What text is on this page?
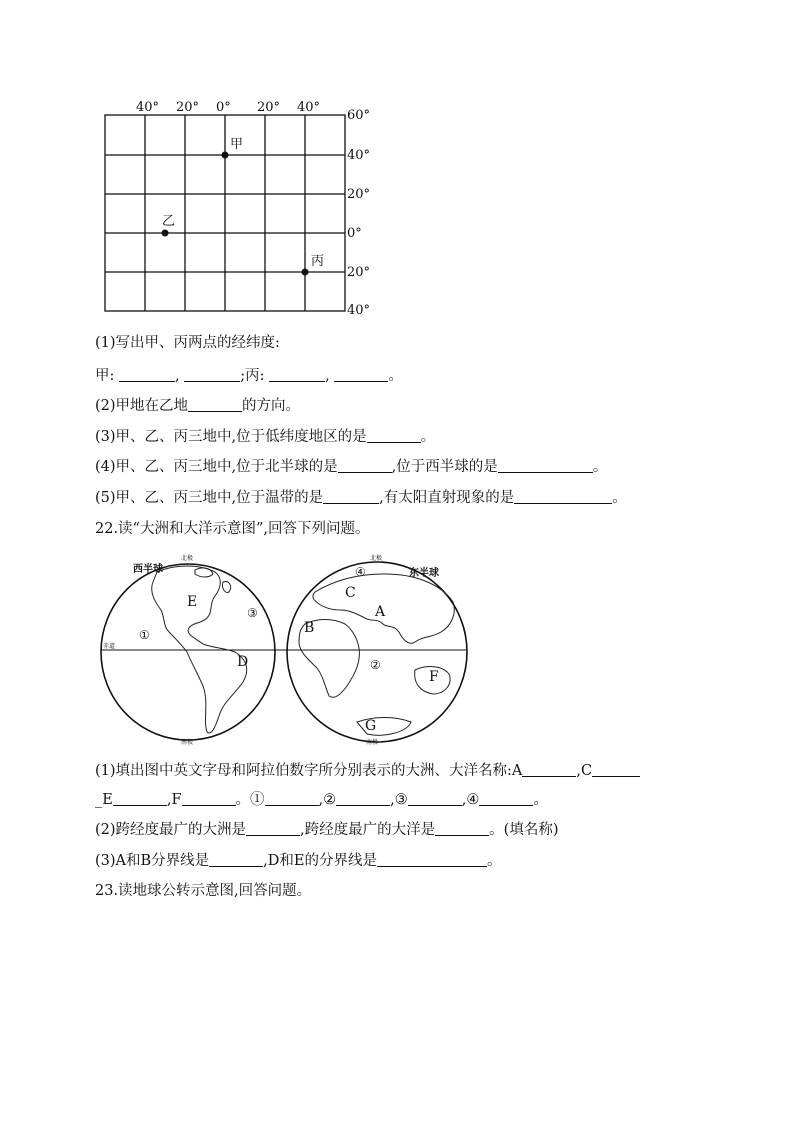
40° 20° 0° 20° 40°
60°
40°
20°
0°
20°
40°
甲
乙
丙
(1)写出甲、丙两点的经纬度:
甲:	,	;丙:	,	。
(2)甲地在乙地	的方向。
(3)甲、乙、丙三地中,位于低纬度地区的是	。
(4)甲、乙、丙三地中,位于北半球的是	,位于西半球的是	。
(5)甲、乙、丙三地中,位于温带的是	,有太阳直射现象的是	。
22.读“大洲和大洋示意图”,回答下列问题。
西半球	东半球
北极	北极
南极	南极
赤道
E
D
C
A
B
F
G
①
②
③
④
(1)填出图中英文字母和阿拉伯数字所分别表示的大洲、大洋名称:A	,C
_E	,F	。①	,②	,③	,④	。
(2)跨经度最广的大洲是	,跨经度最广的大洋是	。(填名称)
(3)A和B分界线是	,D和E的分界线是	。
23.读地球公转示意图,回答问题。
